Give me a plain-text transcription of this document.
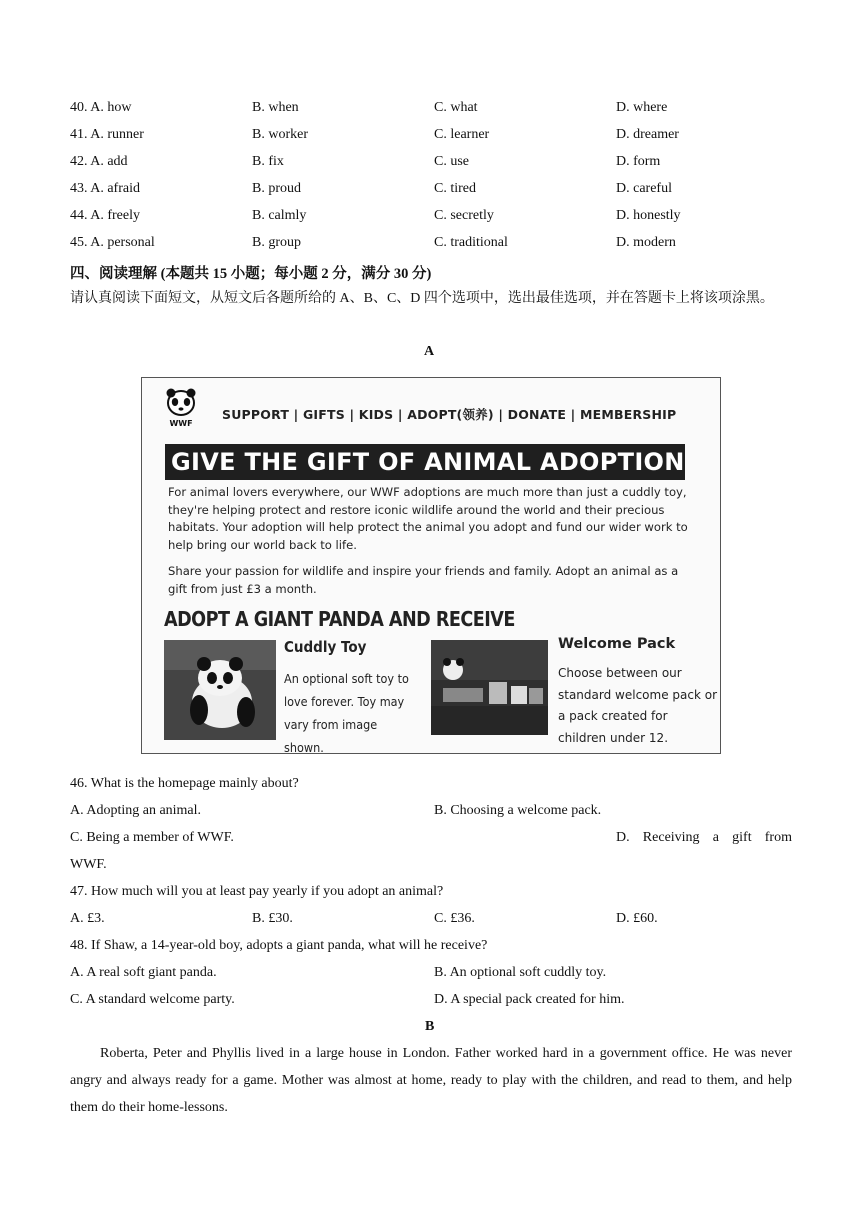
40. A. how	B. when	C. what	D. where
41. A. runner	B. worker	C. learner	D. dreamer
42. A. add	B. fix	C. use	D. form
43. A. afraid	B. proud	C. tired	D. careful
44. A. freely	B. calmly	C. secretly	D. honestly
45. A. personal	B. group	C. traditional	D. modern
四、阅读理解 (本题共 15 小题；每小题 2 分，满分 30 分)
请认真阅读下面短文，从短文后各题所给的 A、B、C、D 四个选项中，选出最佳选项，并在答题卡上将该项涂黑。
A
WWF
SUPPORT | GIFTS | KIDS | ADOPT(领养) | DONATE | MEMBERSHIP
GIVE THE GIFT OF ANIMAL ADOPTION
For animal lovers everywhere, our WWF adoptions are much more than just a cuddly toy, they're helping protect and restore iconic wildlife around the world and their precious habitats. Your adoption will help protect the animal you adopt and fund our wider work to help bring our world back to life.
Share your passion for wildlife and inspire your friends and family. Adopt an animal as a gift from just £3 a month.
ADOPT A GIANT PANDA AND RECEIVE
Cuddly Toy
An optional soft toy to love forever. Toy may vary from image shown.
Welcome Pack
Choose between our standard welcome pack or a pack created for children under 12.
46. What is the homepage mainly about?
A. Adopting an animal.	B. Choosing a welcome pack.
C. Being a member of WWF.	D. Receiving a gift from
WWF.
47. How much will you at least pay yearly if you adopt an animal?
A. £3.	B. £30.	C. £36.	D. £60.
48. If Shaw, a 14-year-old boy, adopts a giant panda, what will he receive?
A. A real soft giant panda.	B. An optional soft cuddly toy.
C. A standard welcome party.	D. A special pack created for him.
B
Roberta, Peter and Phyllis lived in a large house in London. Father worked hard in a government office. He was never angry and always ready for a game. Mother was almost at home, ready to play with the children, and read to them, and help them do their home-lessons.
